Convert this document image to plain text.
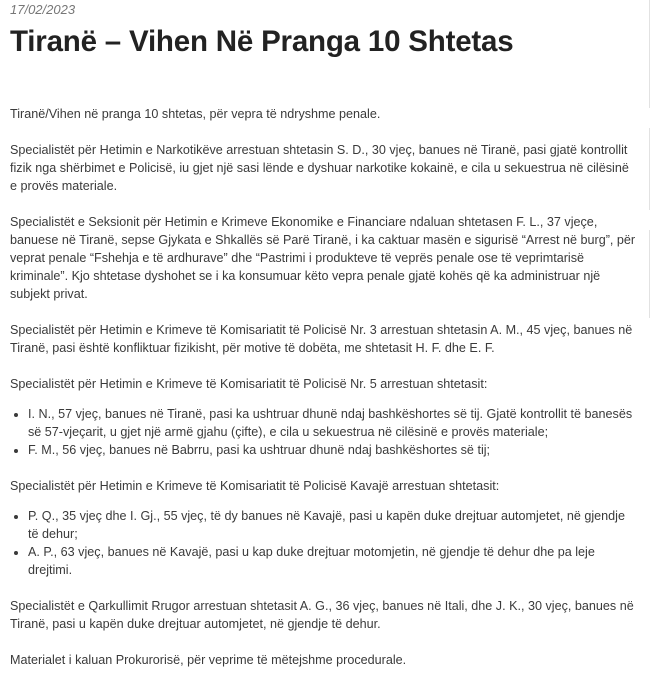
17/02/2023
Tiranë – Vihen Në Pranga 10 Shtetas

Tiranë/Vihen në pranga 10 shtetas, për vepra të ndryshme penale.

Specialistët për Hetimin e Narkotikëve arrestuan shtetasin S. D., 30 vjeç, banues në Tiranë, pasi gjatë kontrollit fizik nga shërbimet e Policisë, iu gjet një sasi lënde e dyshuar narkotike kokainë, e cila u sekuestrua në cilësinë e provës materiale.

Specialistët e Seksionit për Hetimin e Krimeve Ekonomike e Financiare ndaluan shtetasen F. L., 37 vjeçe, banuese në Tiranë, sepse Gjykata e Shkallës së Parë Tiranë, i ka caktuar masën e sigurisë “Arrest në burg”, për veprat penale “Fshehja e të ardhurave” dhe “Pastrimi i produkteve të veprës penale ose të veprimtarisë kriminale”. Kjo shtetase dyshohet se i ka konsumuar këto vepra penale gjatë kohës që ka administruar një subjekt privat.

Specialistët për Hetimin e Krimeve të Komisariatit të Policisë Nr. 3 arrestuan shtetasin A. M., 45 vjeç, banues në Tiranë, pasi është konfliktuar fizikisht, për motive të dobëta, me shtetasit H. F. dhe E. F.

Specialistët për Hetimin e Krimeve të Komisariatit të Policisë Nr. 5 arrestuan shtetasit:

• I. N., 57 vjeç, banues në Tiranë, pasi ka ushtruar dhunë ndaj bashkëshortes së tij. Gjatë kontrollit të banesës së 57-vjeçarit, u gjet një armë gjahu (çifte), e cila u sekuestrua në cilësinë e provës materiale;
• F. M., 56 vjeç, banues në Babrru, pasi ka ushtruar dhunë ndaj bashkëshortes së tij;

Specialistët për Hetimin e Krimeve të Komisariatit të Policisë Kavajë arrestuan shtetasit:

• P. Q., 35 vjeç dhe I. Gj., 55 vjeç, të dy banues në Kavajë, pasi u kapën duke drejtuar automjetet, në gjendje të dehur;
• A. P., 63 vjeç, banues në Kavajë, pasi u kap duke drejtuar motomjetin, në gjendje të dehur dhe pa leje drejtimi.

Specialistët e Qarkullimit Rrugor arrestuan shtetasit A. G., 36 vjeç, banues në Itali, dhe J. K., 30 vjeç, banues në Tiranë, pasi u kapën duke drejtuar automjetet, në gjendje të dehur.

Materialet i kaluan Prokurorisë, për veprime të mëtejshme procedurale.
